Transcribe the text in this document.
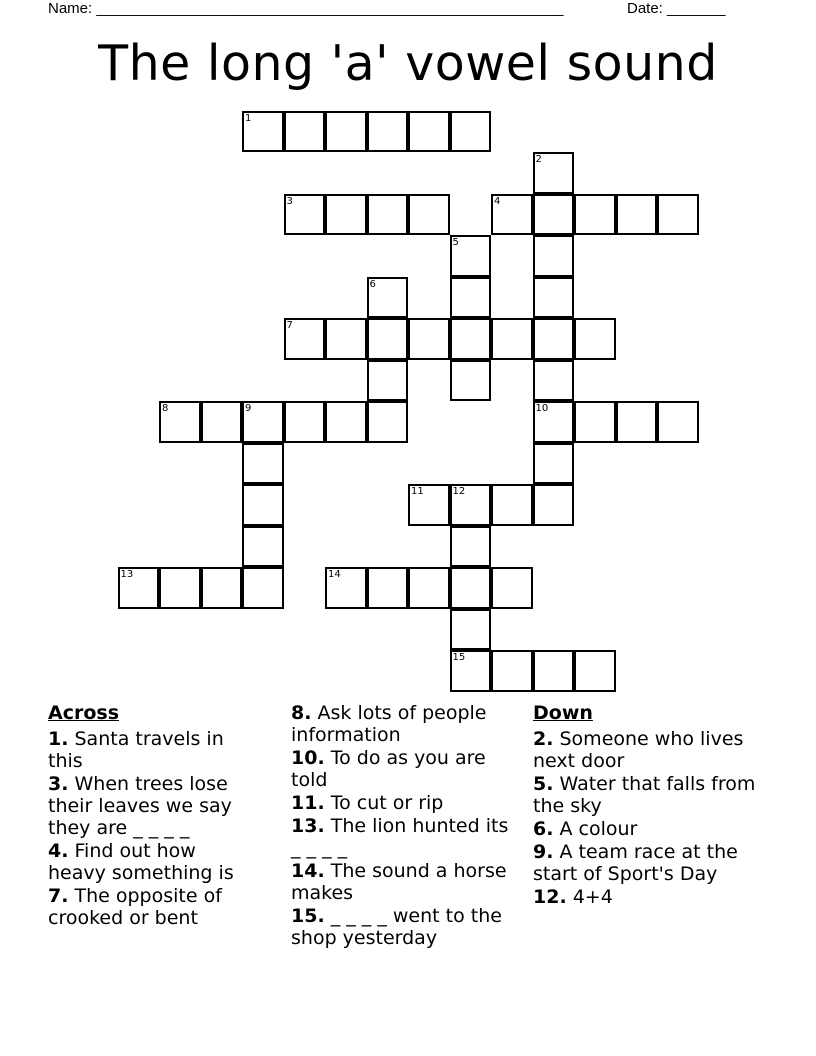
Name: ________________________________________________________	Date: _______
The long 'a' vowel sound
1
2
3	4
5
6
7
8	9	10
11	12
13	14
15
Across
1. Santa travels in this
3. When trees lose their leaves we say they are _ _ _ _
4. Find out how heavy something is
7. The opposite of crooked or bent
8. Ask lots of people information
10. To do as you are told
11. To cut or rip
13. The lion hunted its _ _ _ _
14. The sound a horse makes
15. _ _ _ _ went to the shop yesterday
Down
2. Someone who lives next door
5. Water that falls from the sky
6. A colour
9. A team race at the start of Sport's Day
12. 4+4
